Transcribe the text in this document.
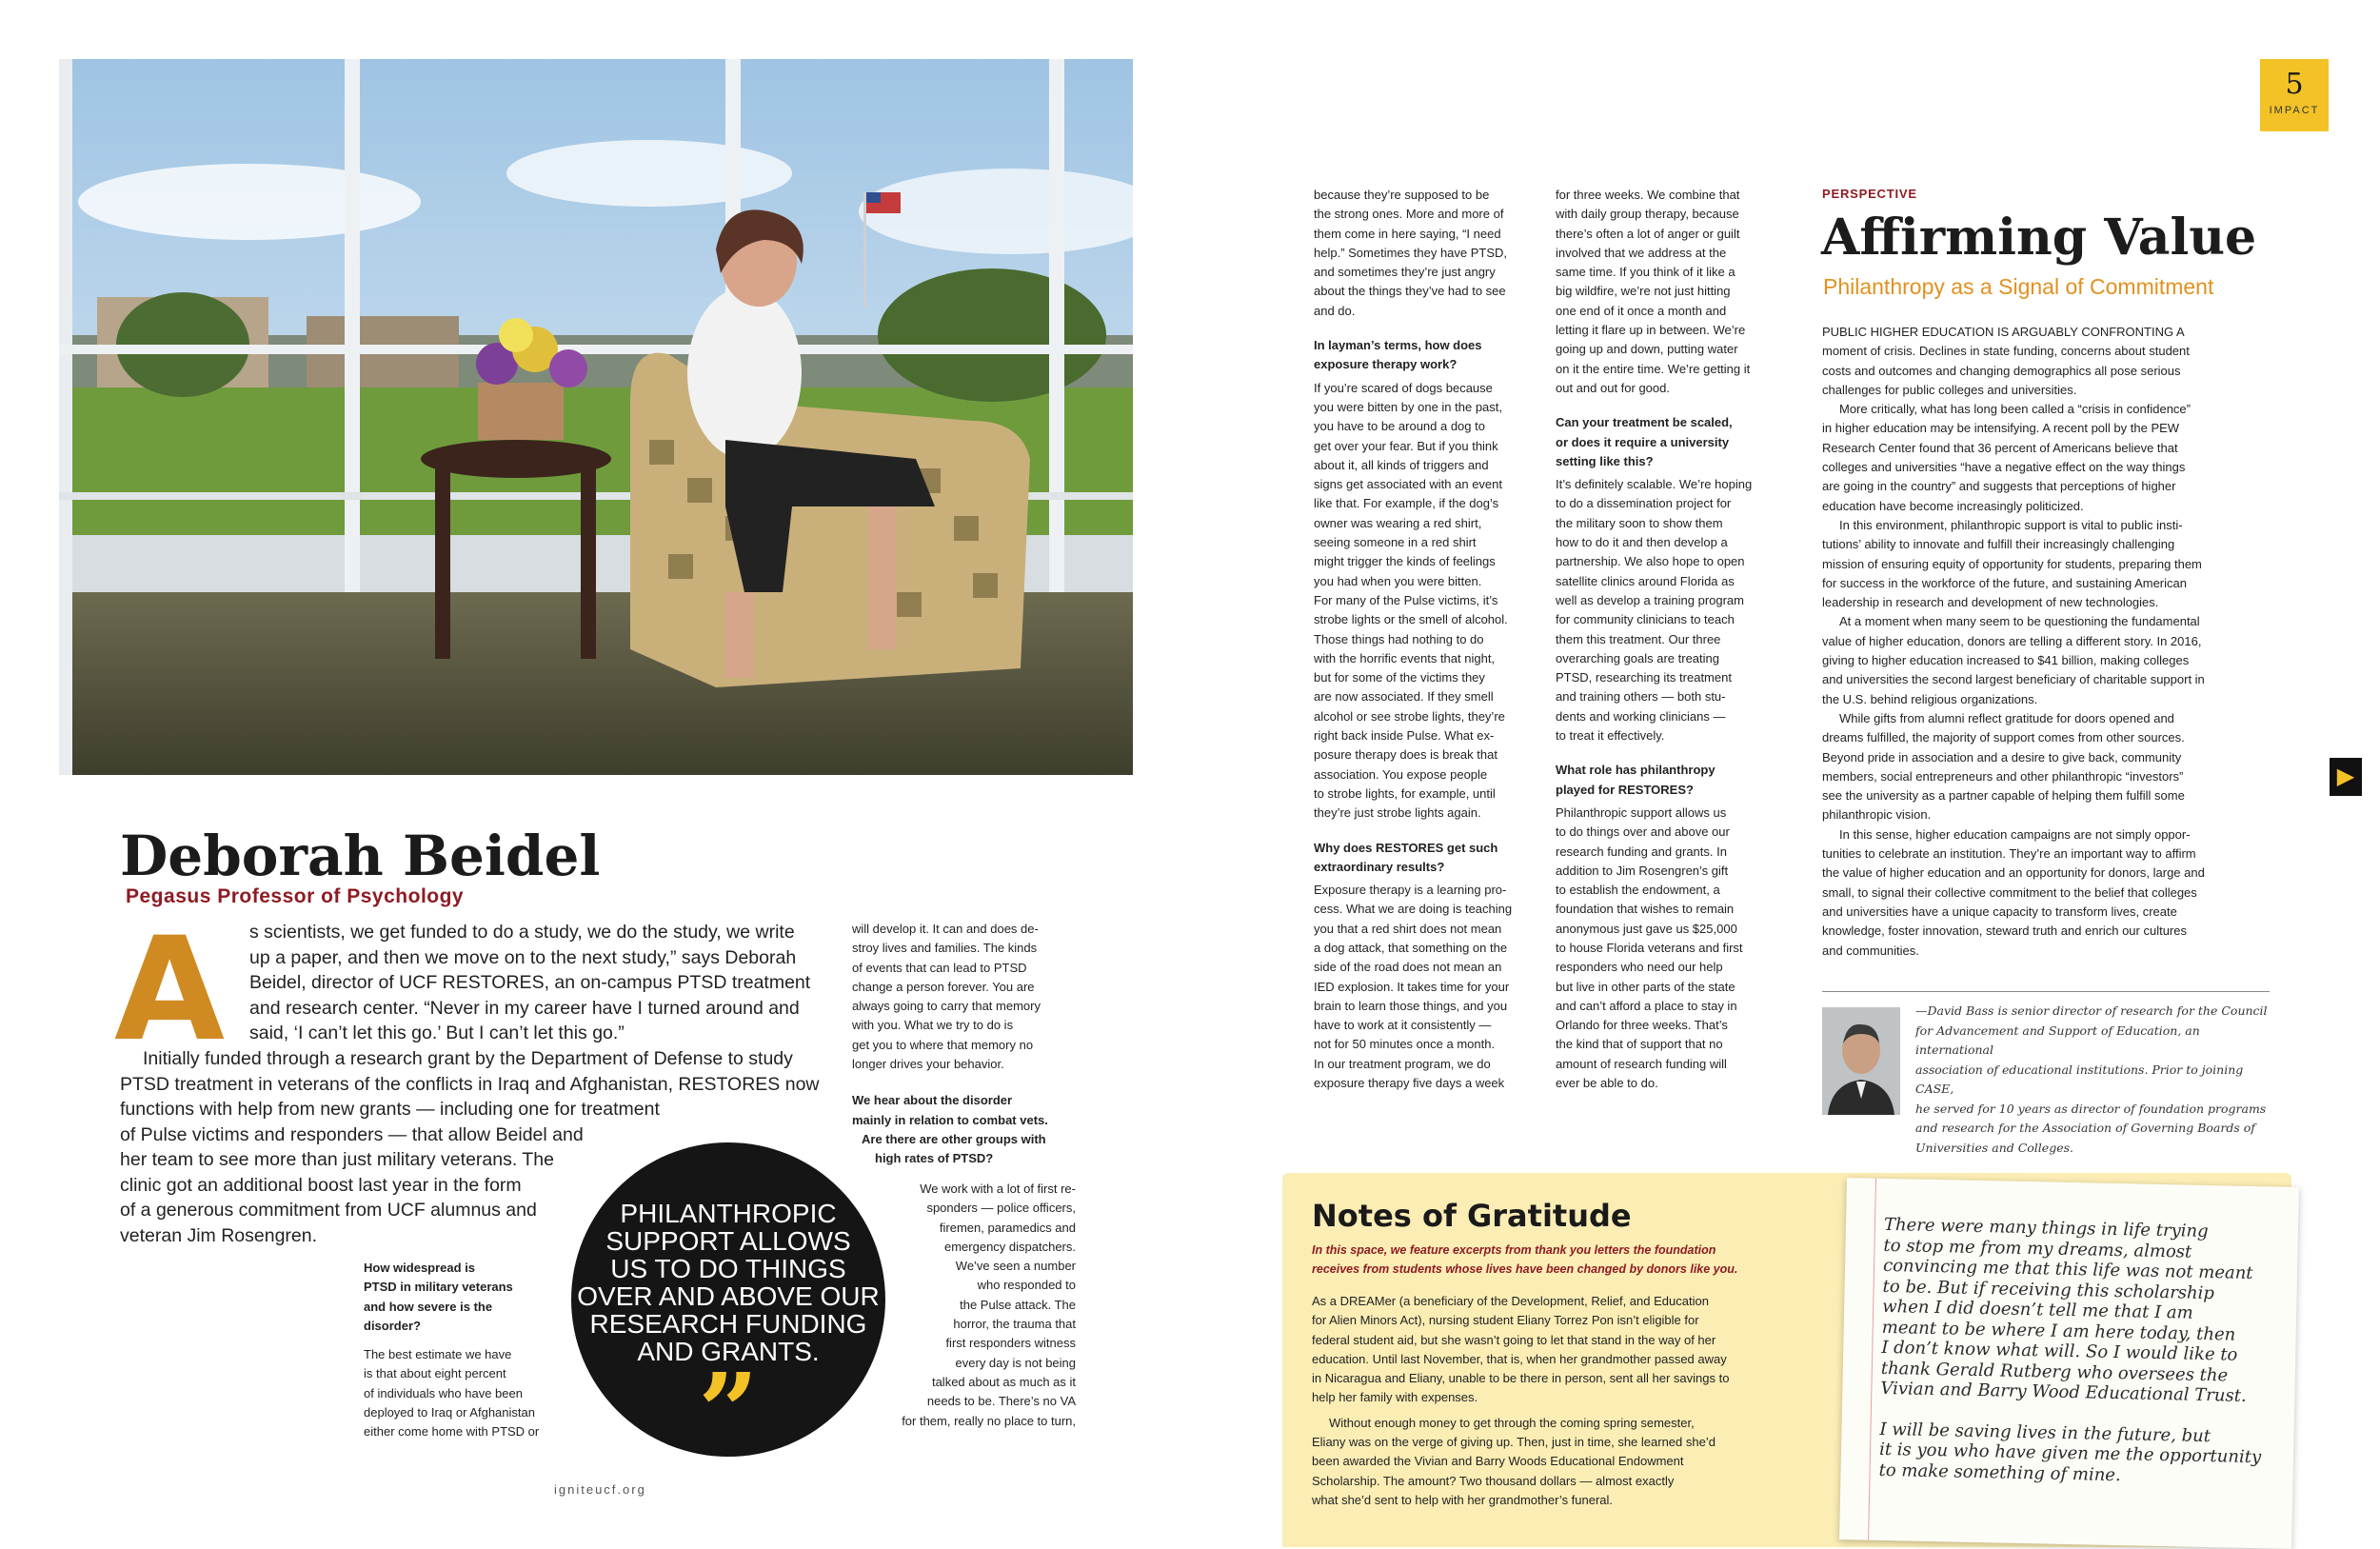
Deborah Beidel
Pegasus Professor of Psychology
A s scientists, we get funded to do a study, we do the study, we write
up a paper, and then we move on to the next study,” says Deborah
Beidel, director of UCF RESTORES, an on-campus PTSD treatment
and research center. “Never in my career have I turned around and
said, ‘I can’t let this go.’ But I can’t let this go.”
Initially funded through a research grant by the Department of Defense to study
PTSD treatment in veterans of the conflicts in Iraq and Afghanistan, RESTORES now
functions with help from new grants — including one for treatment
of Pulse victims and responders — that allow Beidel and
her team to see more than just military veterans. The
clinic got an additional boost last year in the form
of a generous commitment from UCF alumnus and
veteran Jim Rosengren.
How widespread is
PTSD in military veterans
and how severe is the
disorder?
The best estimate we have
is that about eight percent
of individuals who have been
deployed to Iraq or Afghanistan
either come home with PTSD or
will develop it. It can and does de-
stroy lives and families. The kinds
of events that can lead to PTSD
change a person forever. You are
always going to carry that memory
with you. What we try to do is
get you to where that memory no
longer drives your behavior.
We hear about the disorder
mainly in relation to combat vets.
Are there are other groups with
high rates of PTSD?
We work with a lot of first re-
sponders — police officers,
firemen, paramedics and
emergency dispatchers.
We’ve seen a number
who responded to
the Pulse attack. The
horror, the trauma that
first responders witness
every day is not being
talked about as much as it
needs to be. There’s no VA
for them, really no place to turn,
PHILANTHROPIC
SUPPORT ALLOWS
US TO DO THINGS
OVER AND ABOVE OUR
RESEARCH FUNDING
AND GRANTS.
”
igniteucf.org
5
IMPACT
▶
because they’re supposed to be
the strong ones. More and more of
them come in here saying, “I need
help.” Sometimes they have PTSD,
and sometimes they’re just angry
about the things they’ve had to see
and do.
In layman’s terms, how does
exposure therapy work?
If you’re scared of dogs because
you were bitten by one in the past,
you have to be around a dog to
get over your fear. But if you think
about it, all kinds of triggers and
signs get associated with an event
like that. For example, if the dog’s
owner was wearing a red shirt,
seeing someone in a red shirt
might trigger the kinds of feelings
you had when you were bitten.
For many of the Pulse victims, it’s
strobe lights or the smell of alcohol.
Those things had nothing to do
with the horrific events that night,
but for some of the victims they
are now associated. If they smell
alcohol or see strobe lights, they’re
right back inside Pulse. What ex-
posure therapy does is break that
association. You expose people
to strobe lights, for example, until
they’re just strobe lights again.
Why does RESTORES get such
extraordinary results?
Exposure therapy is a learning pro-
cess. What we are doing is teaching
you that a red shirt does not mean
a dog attack, that something on the
side of the road does not mean an
IED explosion. It takes time for your
brain to learn those things, and you
have to work at it consistently —
not for 50 minutes once a month.
In our treatment program, we do
exposure therapy five days a week
for three weeks. We combine that
with daily group therapy, because
there’s often a lot of anger or guilt
involved that we address at the
same time. If you think of it like a
big wildfire, we’re not just hitting
one end of it once a month and
letting it flare up in between. We’re
going up and down, putting water
on it the entire time. We’re getting it
out and out for good.
Can your treatment be scaled,
or does it require a university
setting like this?
It’s definitely scalable. We’re hoping
to do a dissemination project for
the military soon to show them
how to do it and then develop a
partnership. We also hope to open
satellite clinics around Florida as
well as develop a training program
for community clinicians to teach
them this treatment. Our three
overarching goals are treating
PTSD, researching its treatment
and training others — both stu-
dents and working clinicians —
to treat it effectively.
What role has philanthropy
played for RESTORES?
Philanthropic support allows us
to do things over and above our
research funding and grants. In
addition to Jim Rosengren’s gift
to establish the endowment, a
foundation that wishes to remain
anonymous just gave us $25,000
to house Florida veterans and first
responders who need our help
but live in other parts of the state
and can’t afford a place to stay in
Orlando for three weeks. That’s
the kind that of support that no
amount of research funding will
ever be able to do.
PERSPECTIVE
Affirming Value
Philanthropy as a Signal of Commitment
PUBLIC HIGHER EDUCATION IS ARGUABLY CONFRONTING A
moment of crisis. Declines in state funding, concerns about student
costs and outcomes and changing demographics all pose serious
challenges for public colleges and universities.
More critically, what has long been called a “crisis in confidence”
in higher education may be intensifying. A recent poll by the PEW
Research Center found that 36 percent of Americans believe that
colleges and universities “have a negative effect on the way things
are going in the country” and suggests that perceptions of higher
education have become increasingly politicized.
In this environment, philanthropic support is vital to public insti-
tutions’ ability to innovate and fulfill their increasingly challenging
mission of ensuring equity of opportunity for students, preparing them
for success in the workforce of the future, and sustaining American
leadership in research and development of new technologies.
At a moment when many seem to be questioning the fundamental
value of higher education, donors are telling a different story. In 2016,
giving to higher education increased to $41 billion, making colleges
and universities the second largest beneficiary of charitable support in
the U.S. behind religious organizations.
While gifts from alumni reflect gratitude for doors opened and
dreams fulfilled, the majority of support comes from other sources.
Beyond pride in association and a desire to give back, community
members, social entrepreneurs and other philanthropic “investors”
see the university as a partner capable of helping them fulfill some
philanthropic vision.
In this sense, higher education campaigns are not simply oppor-
tunities to celebrate an institution. They’re an important way to affirm
the value of higher education and an opportunity for donors, large and
small, to signal their collective commitment to the belief that colleges
and universities have a unique capacity to transform lives, create
knowledge, foster innovation, steward truth and enrich our cultures
and communities.
—David Bass is senior director of research for the Council
for Advancement and Support of Education, an international
association of educational institutions. Prior to joining CASE,
he served for 10 years as director of foundation programs
and research for the Association of Governing Boards of
Universities and Colleges.
Notes of Gratitude
In this space, we feature excerpts from thank you letters the foundation
receives from students whose lives have been changed by donors like you.
As a DREAMer (a beneficiary of the Development, Relief, and Education
for Alien Minors Act), nursing student Eliany Torrez Pon isn’t eligible for
federal student aid, but she wasn’t going to let that stand in the way of her
education. Until last November, that is, when her grandmother passed away
in Nicaragua and Eliany, unable to be there in person, sent all her savings to
help her family with expenses.
Without enough money to get through the coming spring semester,
Eliany was on the verge of giving up. Then, just in time, she learned she’d
been awarded the Vivian and Barry Woods Educational Endowment
Scholarship. The amount? Two thousand dollars — almost exactly
what she’d sent to help with her grandmother’s funeral.
There were many things in life trying
to stop me from my dreams, almost
convincing me that this life was not meant
to be. But if receiving this scholarship
when I did doesn’t tell me that I am
meant to be where I am here today, then
I don’t know what will. So I would like to
thank Gerald Rutberg who oversees the
Vivian and Barry Wood Educational Trust.
I will be saving lives in the future, but
it is you who have given me the opportunity
to make something of mine.
